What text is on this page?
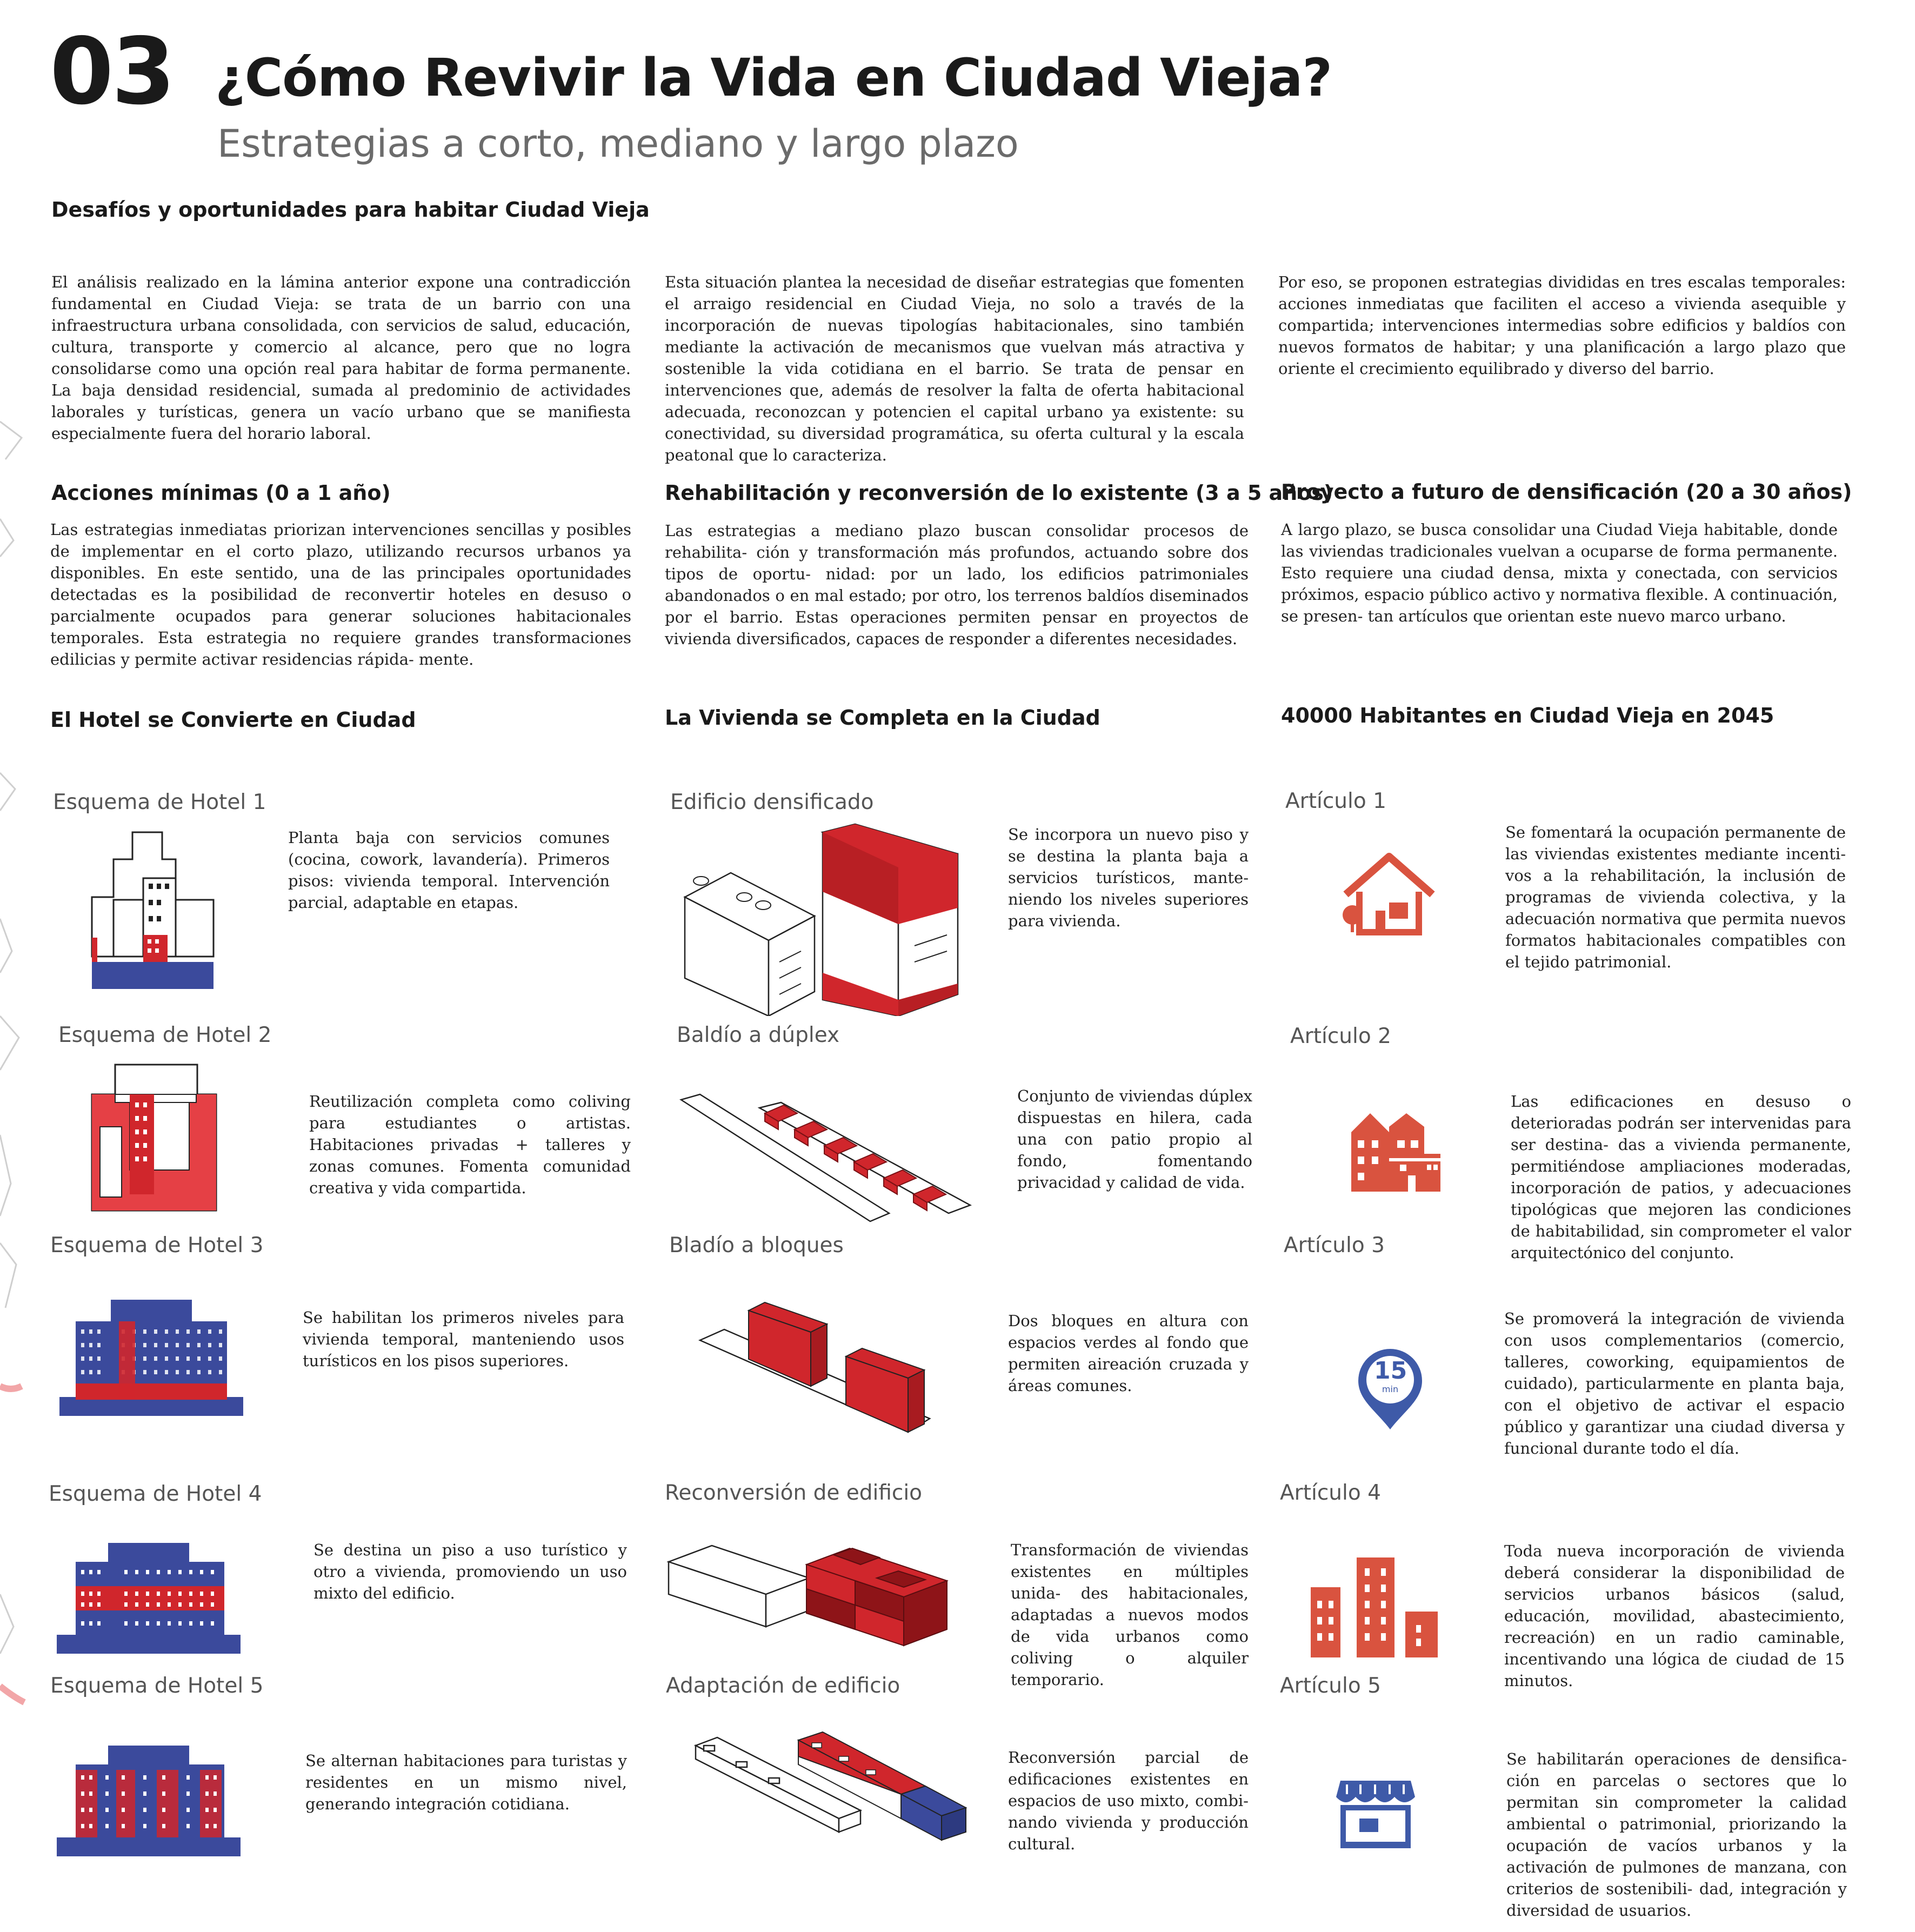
03 ¿Cómo Revivir la Vida en Ciudad Vieja?
Estrategias a corto, mediano y largo plazo
Desafíos y oportunidades para habitar Ciudad Vieja
El análisis realizado en la lámina anterior expone una contradicción fundamental en Ciudad Vieja: se trata de un barrio con una infraestructura urbana consolidada, con servicios de salud, educación, cultura, transporte y comercio al alcance, pero que no logra consolidarse como una opción real para habitar de forma permanente. La baja densidad residencial, sumada al predominio de actividades laborales y turísticas, genera un vacío urbano que se manifiesta especialmente fuera del horario laboral.
Esta situación plantea la necesidad de diseñar estrategias que fomenten el arraigo residencial en Ciudad Vieja, no solo a través de la incorporación de nuevas tipologías habitacionales, sino también mediante la activación de mecanismos que vuelvan más atractiva y sostenible la vida cotidiana en el barrio. Se trata de pensar en intervenciones que, además de resolver la falta de oferta habitacional adecuada, reconozcan y potencien el capital urbano ya existente: su conectividad, su diversidad programática, su oferta cultural y la escala peatonal que lo caracteriza.
Por eso, se proponen estrategias divididas en tres escalas temporales: acciones inmediatas que faciliten el acceso a vivienda asequible y compartida; intervenciones intermedias sobre edificios y baldíos con nuevos formatos de habitar; y una planificación a largo plazo que oriente el crecimiento equilibrado y diverso del barrio.
Acciones mínimas (0 a 1 año)	Rehabilitación y reconversión de lo existente (3 a 5 años)
Proyecto a futuro de densificación (20 a 30 años)
Las estrategias inmediatas priorizan intervenciones sencillas y posibles de implementar en el corto plazo, utilizando recursos urbanos ya disponibles. En este sentido, una de las principales oportunidades detectadas es la posibilidad de reconvertir hoteles en desuso o parcialmente ocupados para generar soluciones habitacionales temporales. Esta estrategia no requiere grandes transformaciones edilicias y permite activar residencias rápida- mente.
Las estrategias a mediano plazo buscan consolidar procesos de rehabilita- ción y transformación más profundos, actuando sobre dos tipos de oportu- nidad: por un lado, los edificios patrimoniales abandonados o en mal estado; por otro, los terrenos baldíos diseminados por el barrio. Estas operaciones permiten pensar en proyectos de vivienda diversificados, capaces de responder a diferentes necesidades.
A largo plazo, se busca consolidar una Ciudad Vieja habitable, donde las viviendas tradicionales vuelvan a ocuparse de forma permanente. Esto requiere una ciudad densa, mixta y conectada, con servicios próximos, espacio público activo y normativa flexible. A continuación, se presen- tan artículos que orientan este nuevo marco urbano.
El Hotel se Convierte en Ciudad	La Vivienda se Completa en la Ciudad	40000 Habitantes en Ciudad Vieja en 2045
Esquema de Hotel 1
Planta baja con servicios comunes (cocina, cowork, lavandería). Primeros pisos: vivienda temporal. Intervención parcial, adaptable en etapas.
Esquema de Hotel 2
Reutilización completa como coliving para estudiantes o artistas. Habitaciones privadas + talleres y zonas comunes. Fomenta comunidad creativa y vida compartida.
Esquema de Hotel 3
Se habilitan los primeros niveles para vivienda temporal, manteniendo usos turísticos en los pisos superiores.
Esquema de Hotel 4
Se destina un piso a uso turístico y otro a vivienda, promoviendo un uso mixto del edificio.
Esquema de Hotel 5
Se alternan habitaciones para turistas y residentes en un mismo nivel, generando integración cotidiana.
Edificio densificado
Se incorpora un nuevo piso y se destina la planta baja a servicios turísticos, mante- niendo los niveles superiores para vivienda.
Baldío a dúplex
Conjunto de viviendas dúplex dispuestas en hilera, cada una con patio propio al fondo, fomentando privacidad y calidad de vida.
Bladío a bloques
Dos bloques en altura con espacios verdes al fondo que permiten aireación cruzada y áreas comunes.
Reconversión de edificio
Transformación de viviendas existentes en múltiples unida- des habitacionales, adaptadas a nuevos modos de vida urbanos como coliving o alquiler temporario.
Adaptación de edificio
Reconversión parcial de edificaciones existentes en espacios de uso mixto, combi- nando vivienda y producción cultural.
Artículo 1
Se fomentará la ocupación permanente de las viviendas existentes mediante incenti- vos a la rehabilitación, la inclusión de programas de vivienda colectiva, y la adecuación normativa que permita nuevos formatos habitacionales compatibles con el tejido patrimonial.
Artículo 2
Las edificaciones en desuso o deterioradas podrán ser intervenidas para ser destina- das a vivienda permanente, permitiéndose ampliaciones moderadas, incorporación de patios, y adecuaciones tipológicas que mejoren las condiciones de habitabilidad, sin comprometer el valor arquitectónico del conjunto.
Artículo 3
Se promoverá la integración de vivienda con usos complementarios (comercio, talleres, coworking, equipamientos de cuidado), particularmente en planta baja, con el objetivo de activar el espacio público y garantizar una ciudad diversa y funcional durante todo el día.
15
min
Artículo 4
Toda nueva incorporación de vivienda deberá considerar la disponibilidad de servicios urbanos básicos (salud, educación, movilidad, abastecimiento, recreación) en un radio caminable, incentivando una lógica de ciudad de 15 minutos.
Artículo 5
Se habilitarán operaciones de densifica- ción en parcelas o sectores que lo permitan sin comprometer la calidad ambiental o patrimonial, priorizando la ocupación de vacíos urbanos y la activación de pulmones de manzana, con criterios de sostenibili- dad, integración y diversidad de usuarios.
